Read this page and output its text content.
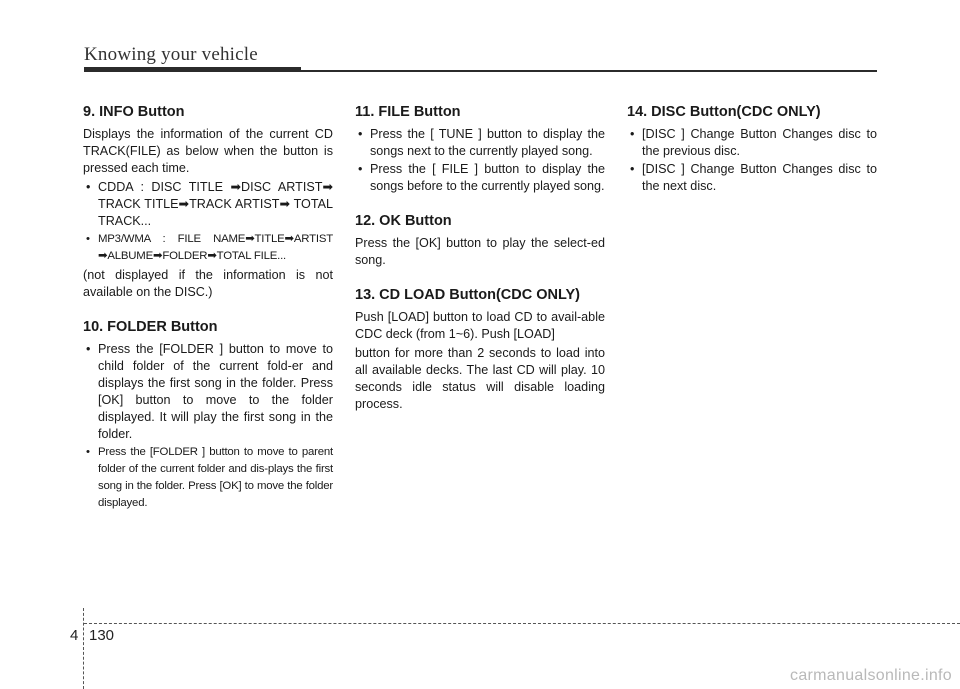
Knowing your vehicle
9. INFO Button

Displays the information of the current CD TRACK(FILE) as below when the button is pressed each time.

• CDDA : DISC TITLE ➡DISC ARTIST➡ TRACK TITLE➡TRACK ARTIST➡ TOTAL TRACK...
• MP3/WMA : FILE NAME➡TITLE➡ARTIST ➡ALBUME➡FOLDER➡TOTAL FILE...

(not displayed if the information is not available on the DISC.)

10. FOLDER Button
• Press the [FOLDER ] button to move to child folder of the current fold-er and displays the first song in the folder. Press [OK] button to move to the folder displayed. It will play the first song in the folder.
• Press the [FOLDER ] button to move to parent folder of the current folder and dis-plays the first song in the folder. Press [OK] to move the folder displayed.
11. FILE Button
• Press the [ TUNE ] button to display the songs next to the currently played song.
• Press the [ FILE ] button to display the songs before to the currently played song.
12. OK Button

Press the [OK] button to play the select-ed song.

13. CD LOAD Button(CDC ONLY)

Push [LOAD] button to load CD to avail-able CDC deck (from 1~6). Push [LOAD]

button for more than 2 seconds to load into all available decks. The last CD will play. 10 seconds idle status will disable loading process.

14. DISC Button(CDC ONLY)
• [DISC ] Change Button Changes disc to the previous disc.
• [DISC ] Change Button Changes disc to the next disc.
4 130
carmanualsonline.info
